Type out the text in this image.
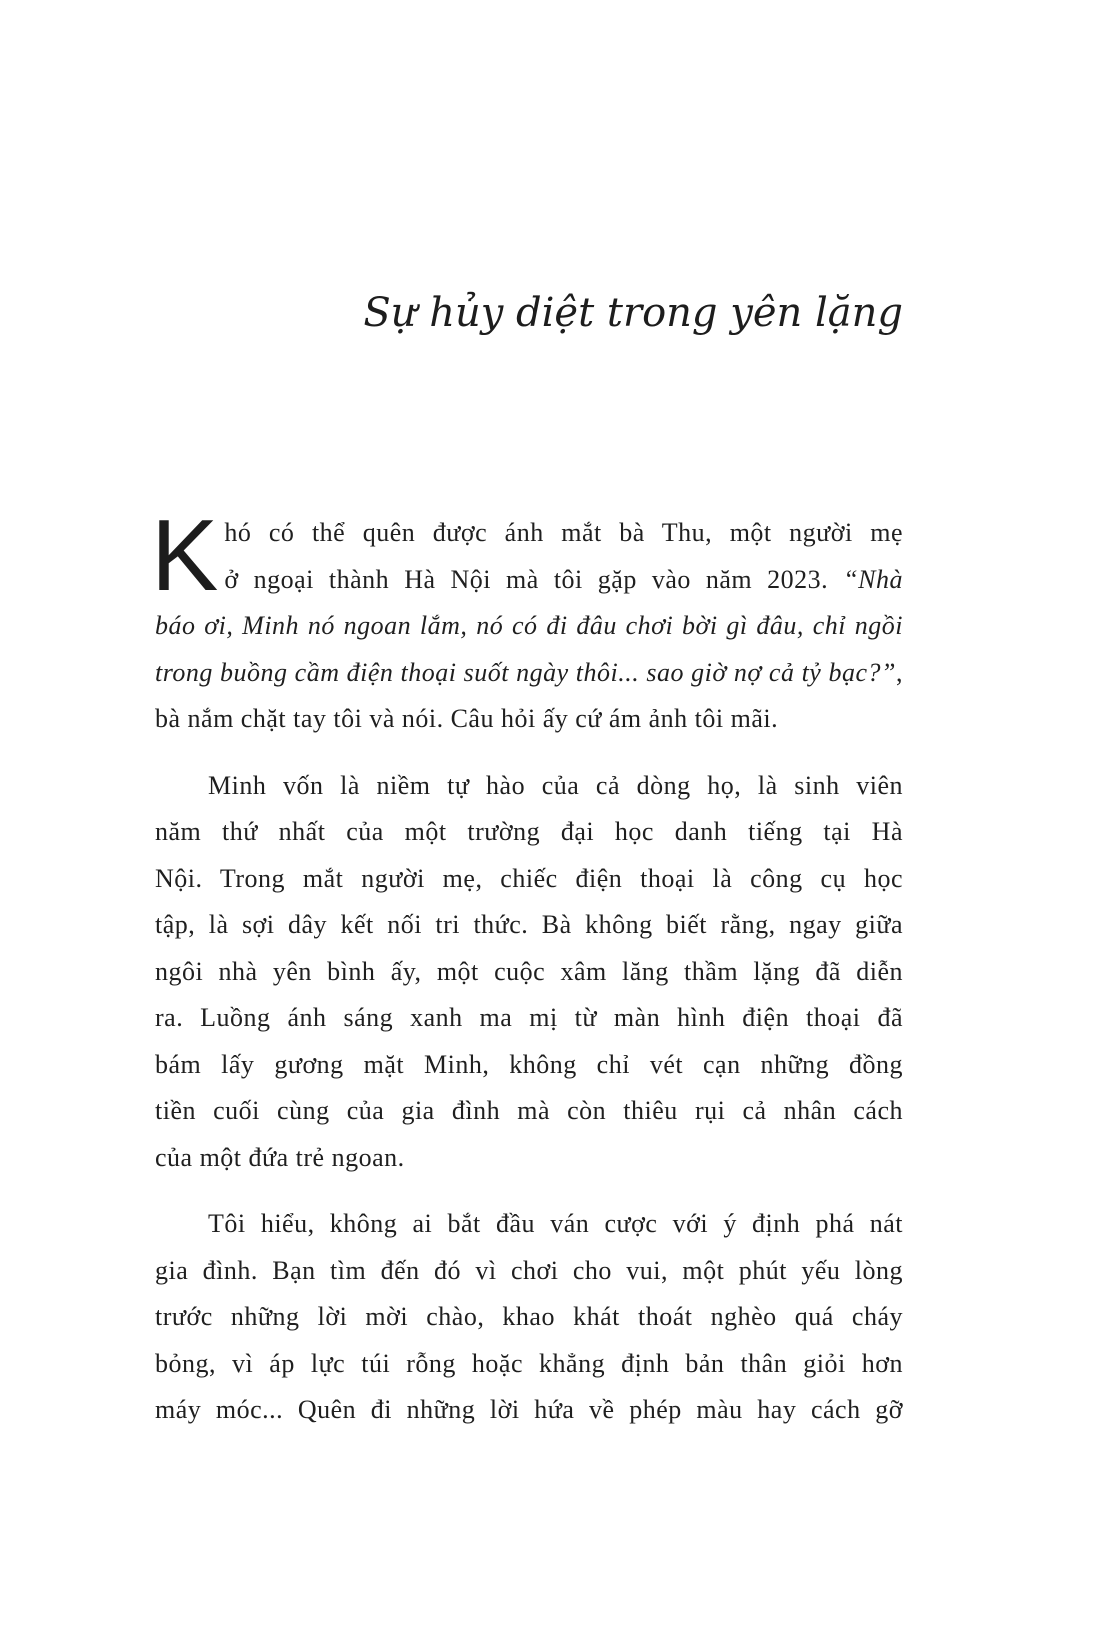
Sự hủy diệt trong yên lặng
K hó có thể quên được ánh mắt bà Thu, một người mẹ
ở ngoại thành Hà Nội mà tôi gặp vào năm 2023. “Nhà
báo ơi, Minh nó ngoan lắm, nó có đi đâu chơi bời gì đâu, chỉ ngồi
trong buồng cầm điện thoại suốt ngày thôi... sao giờ nợ cả tỷ bạc?”,
bà nắm chặt tay tôi và nói. Câu hỏi ấy cứ ám ảnh tôi mãi.
Minh vốn là niềm tự hào của cả dòng họ, là sinh viên
năm thứ nhất của một trường đại học danh tiếng tại Hà
Nội. Trong mắt người mẹ, chiếc điện thoại là công cụ học
tập, là sợi dây kết nối tri thức. Bà không biết rằng, ngay giữa
ngôi nhà yên bình ấy, một cuộc xâm lăng thầm lặng đã diễn
ra. Luồng ánh sáng xanh ma mị từ màn hình điện thoại đã
bám lấy gương mặt Minh, không chỉ vét cạn những đồng
tiền cuối cùng của gia đình mà còn thiêu rụi cả nhân cách
của một đứa trẻ ngoan.
Tôi hiểu, không ai bắt đầu ván cược với ý định phá nát
gia đình. Bạn tìm đến đó vì chơi cho vui, một phút yếu lòng
trước những lời mời chào, khao khát thoát nghèo quá cháy
bỏng, vì áp lực túi rỗng hoặc khẳng định bản thân giỏi hơn
máy móc... Quên đi những lời hứa về phép màu hay cách gỡ
